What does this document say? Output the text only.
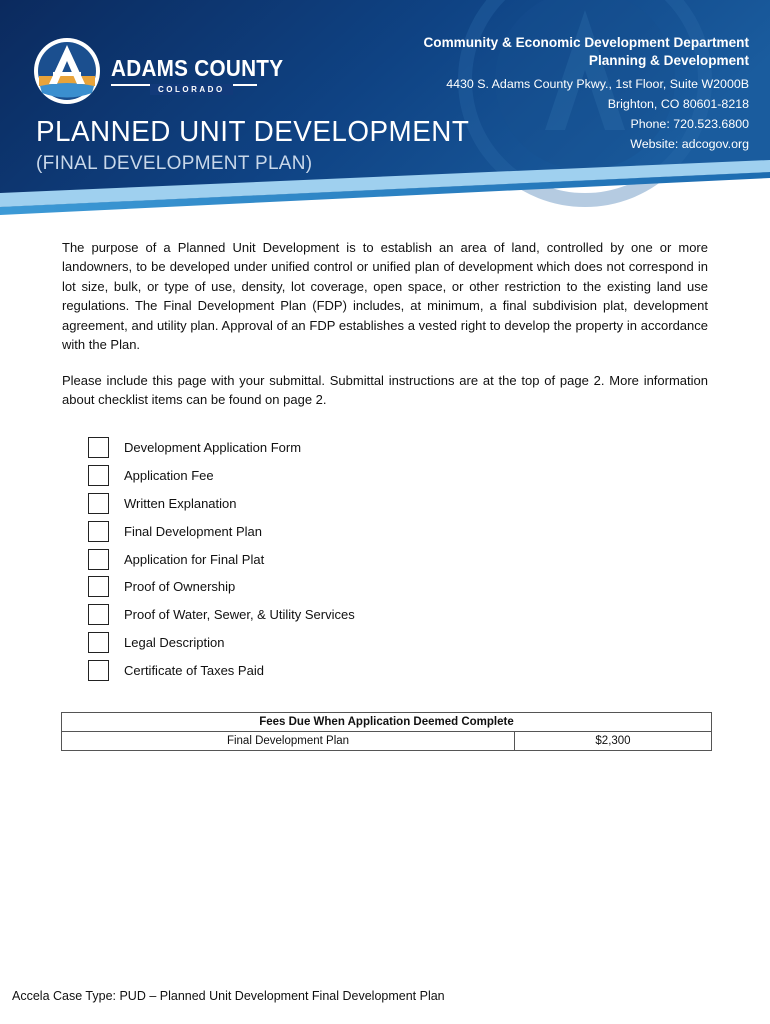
ADAMS COUNTY
COLORADO
PLANNED UNIT DEVELOPMENT
(FINAL DEVELOPMENT PLAN)
Community & Economic Development Department
Planning & Development
4430 S. Adams County Pkwy., 1st Floor, Suite W2000B
Brighton, CO 80601-8218
Phone: 720.523.6800
Website: adcogov.org

The purpose of a Planned Unit Development is to establish an area of land, controlled by one or more landowners, to be developed under unified control or unified plan of development which does not correspond in lot size, bulk, or type of use, density, lot coverage, open space, or other restriction to the existing land use regulations. The Final Development Plan (FDP) includes, at minimum, a final subdivision plat, development agreement, and utility plan. Approval of an FDP establishes a vested right to develop the property in accordance with the Plan.

Please include this page with your submittal. Submittal instructions are at the top of page 2. More information about checklist items can be found on page 2.

Development Application Form
Application Fee
Written Explanation
Final Development Plan
Application for Final Plat
Proof of Ownership
Proof of Water, Sewer, & Utility Services
Legal Description
Certificate of Taxes Paid
Fees Due When Application Deemed Complete
Final Development Plan	$2,300
Accela Case Type: PUD – Planned Unit Development Final Development Plan
